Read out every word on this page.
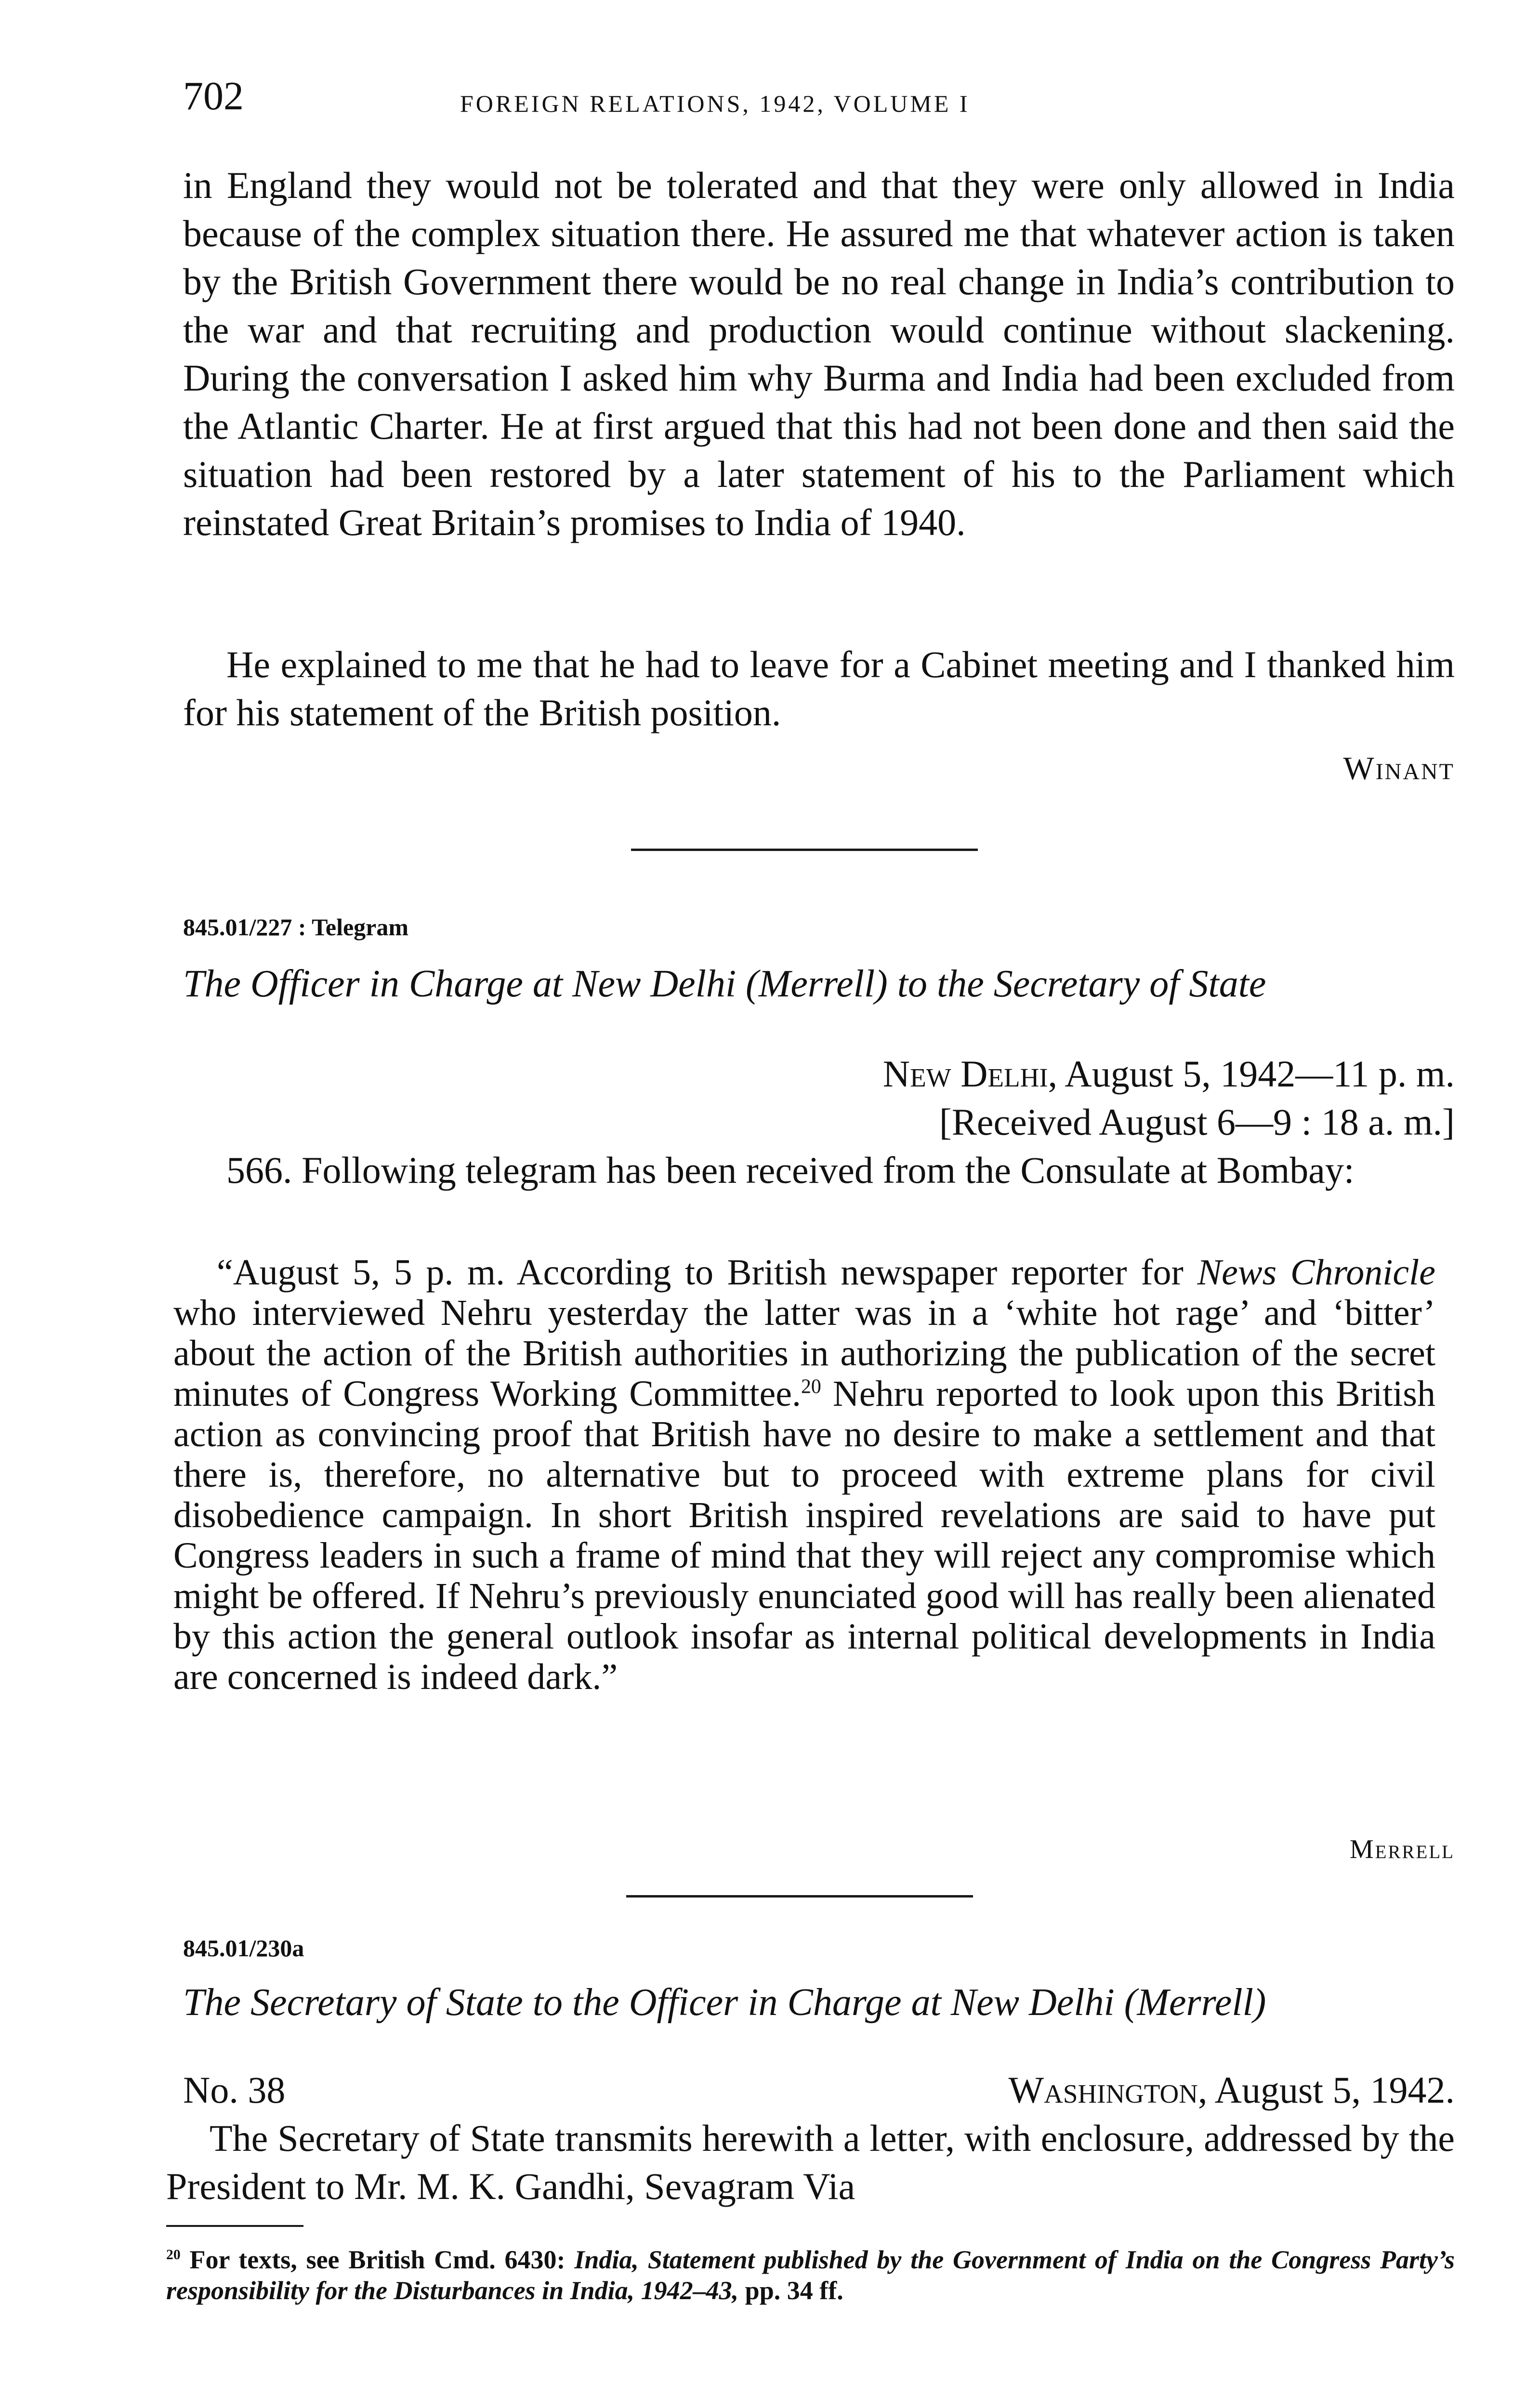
702	FOREIGN RELATIONS, 1942, VOLUME I

in England they would not be tolerated and that they were only allowed in India because of the complex situation there. He assured me that whatever action is taken by the British Government there would be no real change in India’s contribution to the war and that recruiting and production would continue without slackening. During the conversation I asked him why Burma and India had been excluded from the Atlantic Charter. He at first argued that this had not been done and then said the situation had been restored by a later statement of his to the Parliament which reinstated Great Britain’s promises to India of 1940.

He explained to me that he had to leave for a Cabinet meeting and I thanked him for his statement of the British position.

Winant
845.01/227 : Telegram
The Officer in Charge at New Delhi (Merrell) to the Secretary of State
New Delhi, August 5, 1942—11 p. m.
[Received August 6—9 : 18 a. m.]

566. Following telegram has been received from the Consulate at Bombay:

“August 5, 5 p. m. According to British newspaper reporter for News Chronicle who interviewed Nehru yesterday the latter was in a ‘white hot rage’ and ‘bitter’ about the action of the British authorities in authorizing the publication of the secret minutes of Congress Working Committee.$^{20}$ Nehru reported to look upon this British action as convincing proof that British have no desire to make a settlement and that there is, therefore, no alternative but to proceed with extreme plans for civil disobedience campaign. In short British inspired revelations are said to have put Congress leaders in such a frame of mind that they will reject any compromise which might be offered. If Nehru’s previously enunciated good will has really been alienated by this action the general outlook insofar as internal political developments in India are concerned is indeed dark.”

Merrell
845.01/230a
The Secretary of State to the Officer in Charge at New Delhi (Merrell)
No. 38	Washington, August 5, 1942.

The Secretary of State transmits herewith a letter, with enclosure, addressed by the President to Mr. M. K. Gandhi, Sevagram Via

$^{20}$ For texts, see British Cmd. 6430: India, Statement published by the Government of India on the Congress Party’s responsibility for the Disturbances in India, 1942–43, pp. 34 ff.
